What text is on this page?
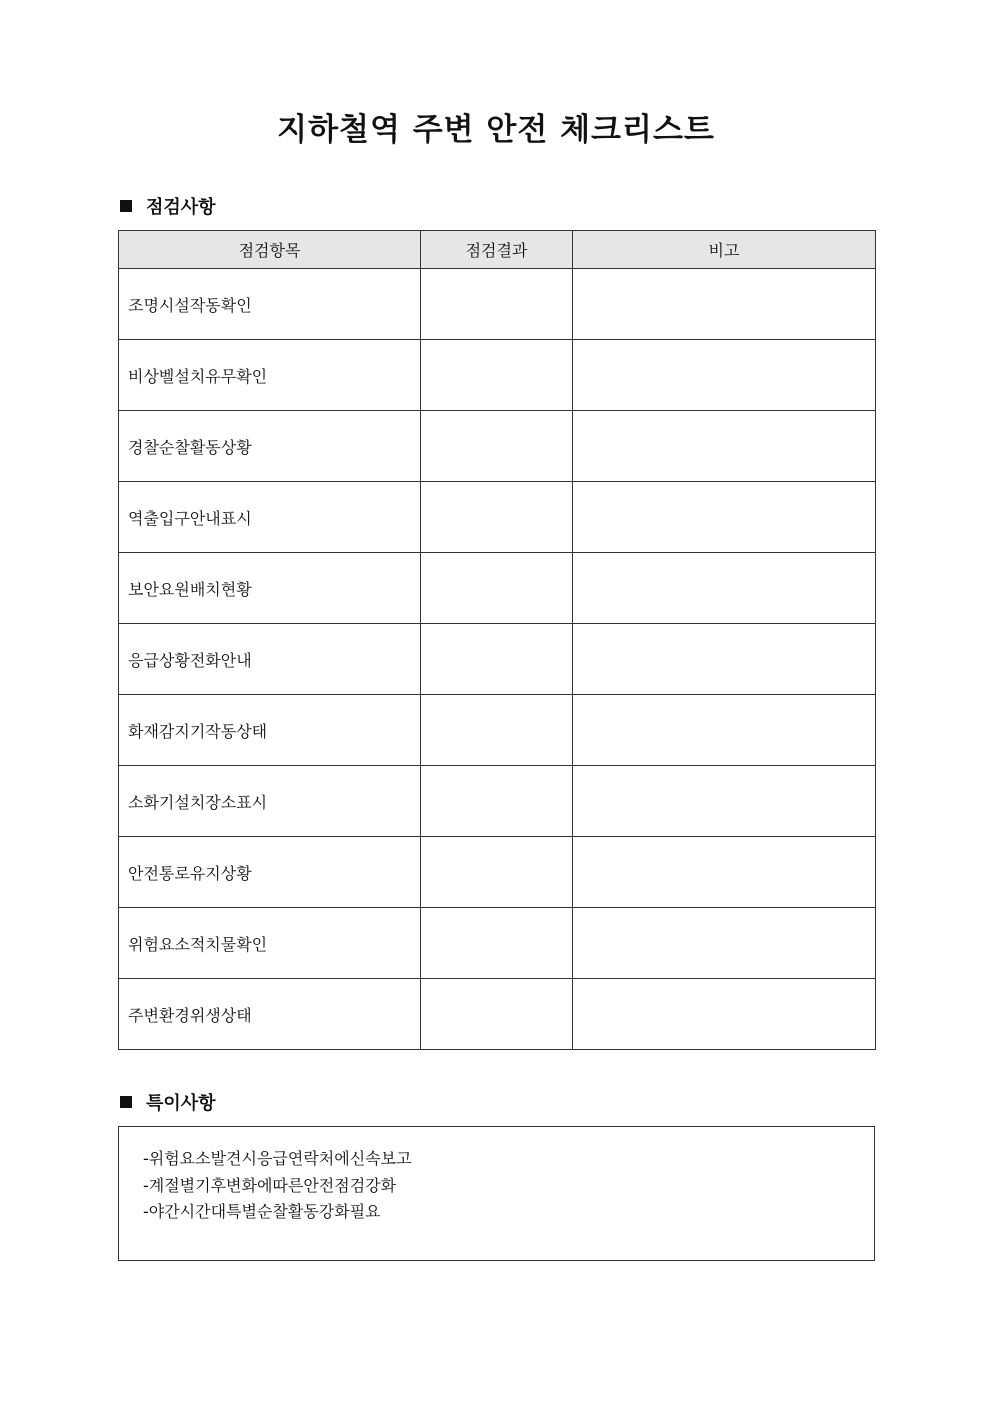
지하철역 주변 안전 체크리스트
점검사항
점검항목	점검결과	비고
조명시설작동확인		
비상벨설치유무확인		
경찰순찰활동상황		
역출입구안내표시		
보안요원배치현황		
응급상황전화안내		
화재감지기작동상태		
소화기설치장소표시		
안전통로유지상황		
위험요소적치물확인		
주변환경위생상태		
특이사항
-위험요소발견시응급연락처에신속보고
-계절별기후변화에따른안전점검강화
-야간시간대특별순찰활동강화필요
